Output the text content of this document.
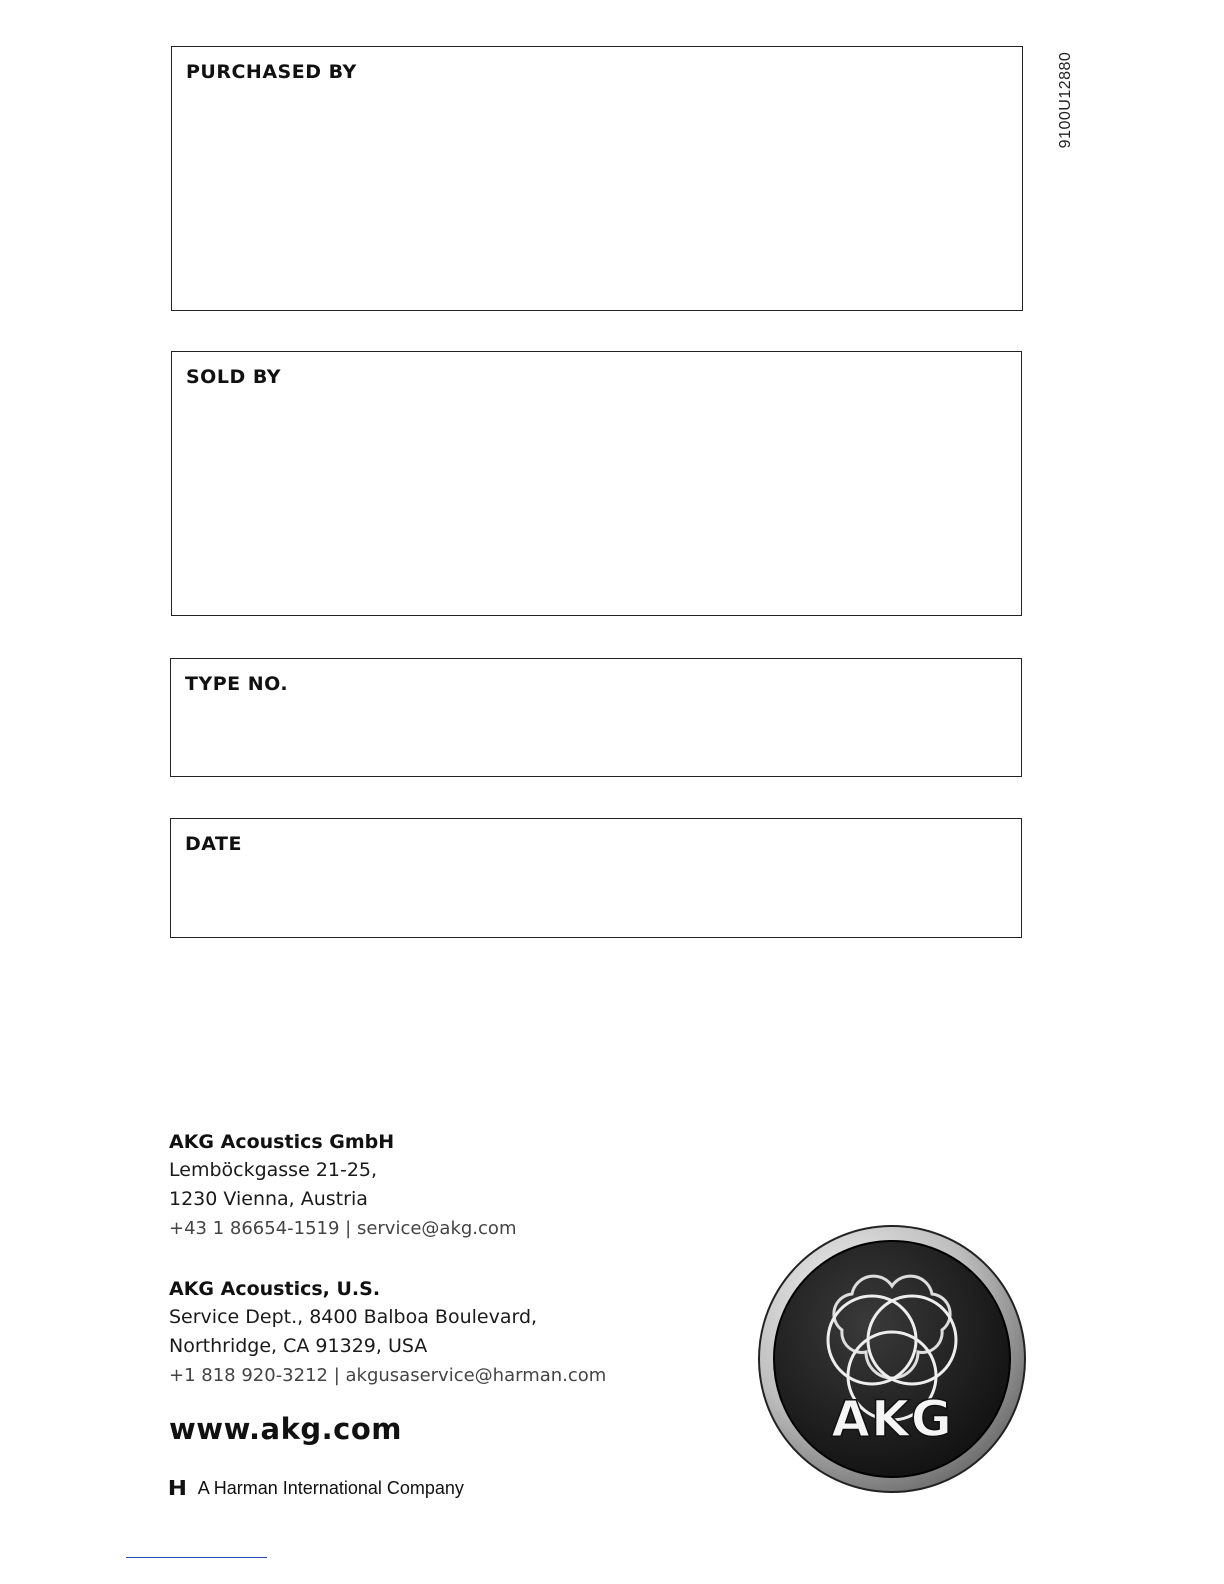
9100U12880
PURCHASED BY
SOLD BY
TYPE NO.
DATE
AKG Acoustics GmbH
Lemböckgasse 21-25,
1230 Vienna, Austria
+43 1 86654-1519 | service@akg.com
AKG Acoustics, U.S.
Service Dept., 8400 Balboa Boulevard,
Northridge, CA 91329, USA
+1 818 920-3212 | akgusaservice@harman.com
www.akg.com
H A Harman International Company
AKG
